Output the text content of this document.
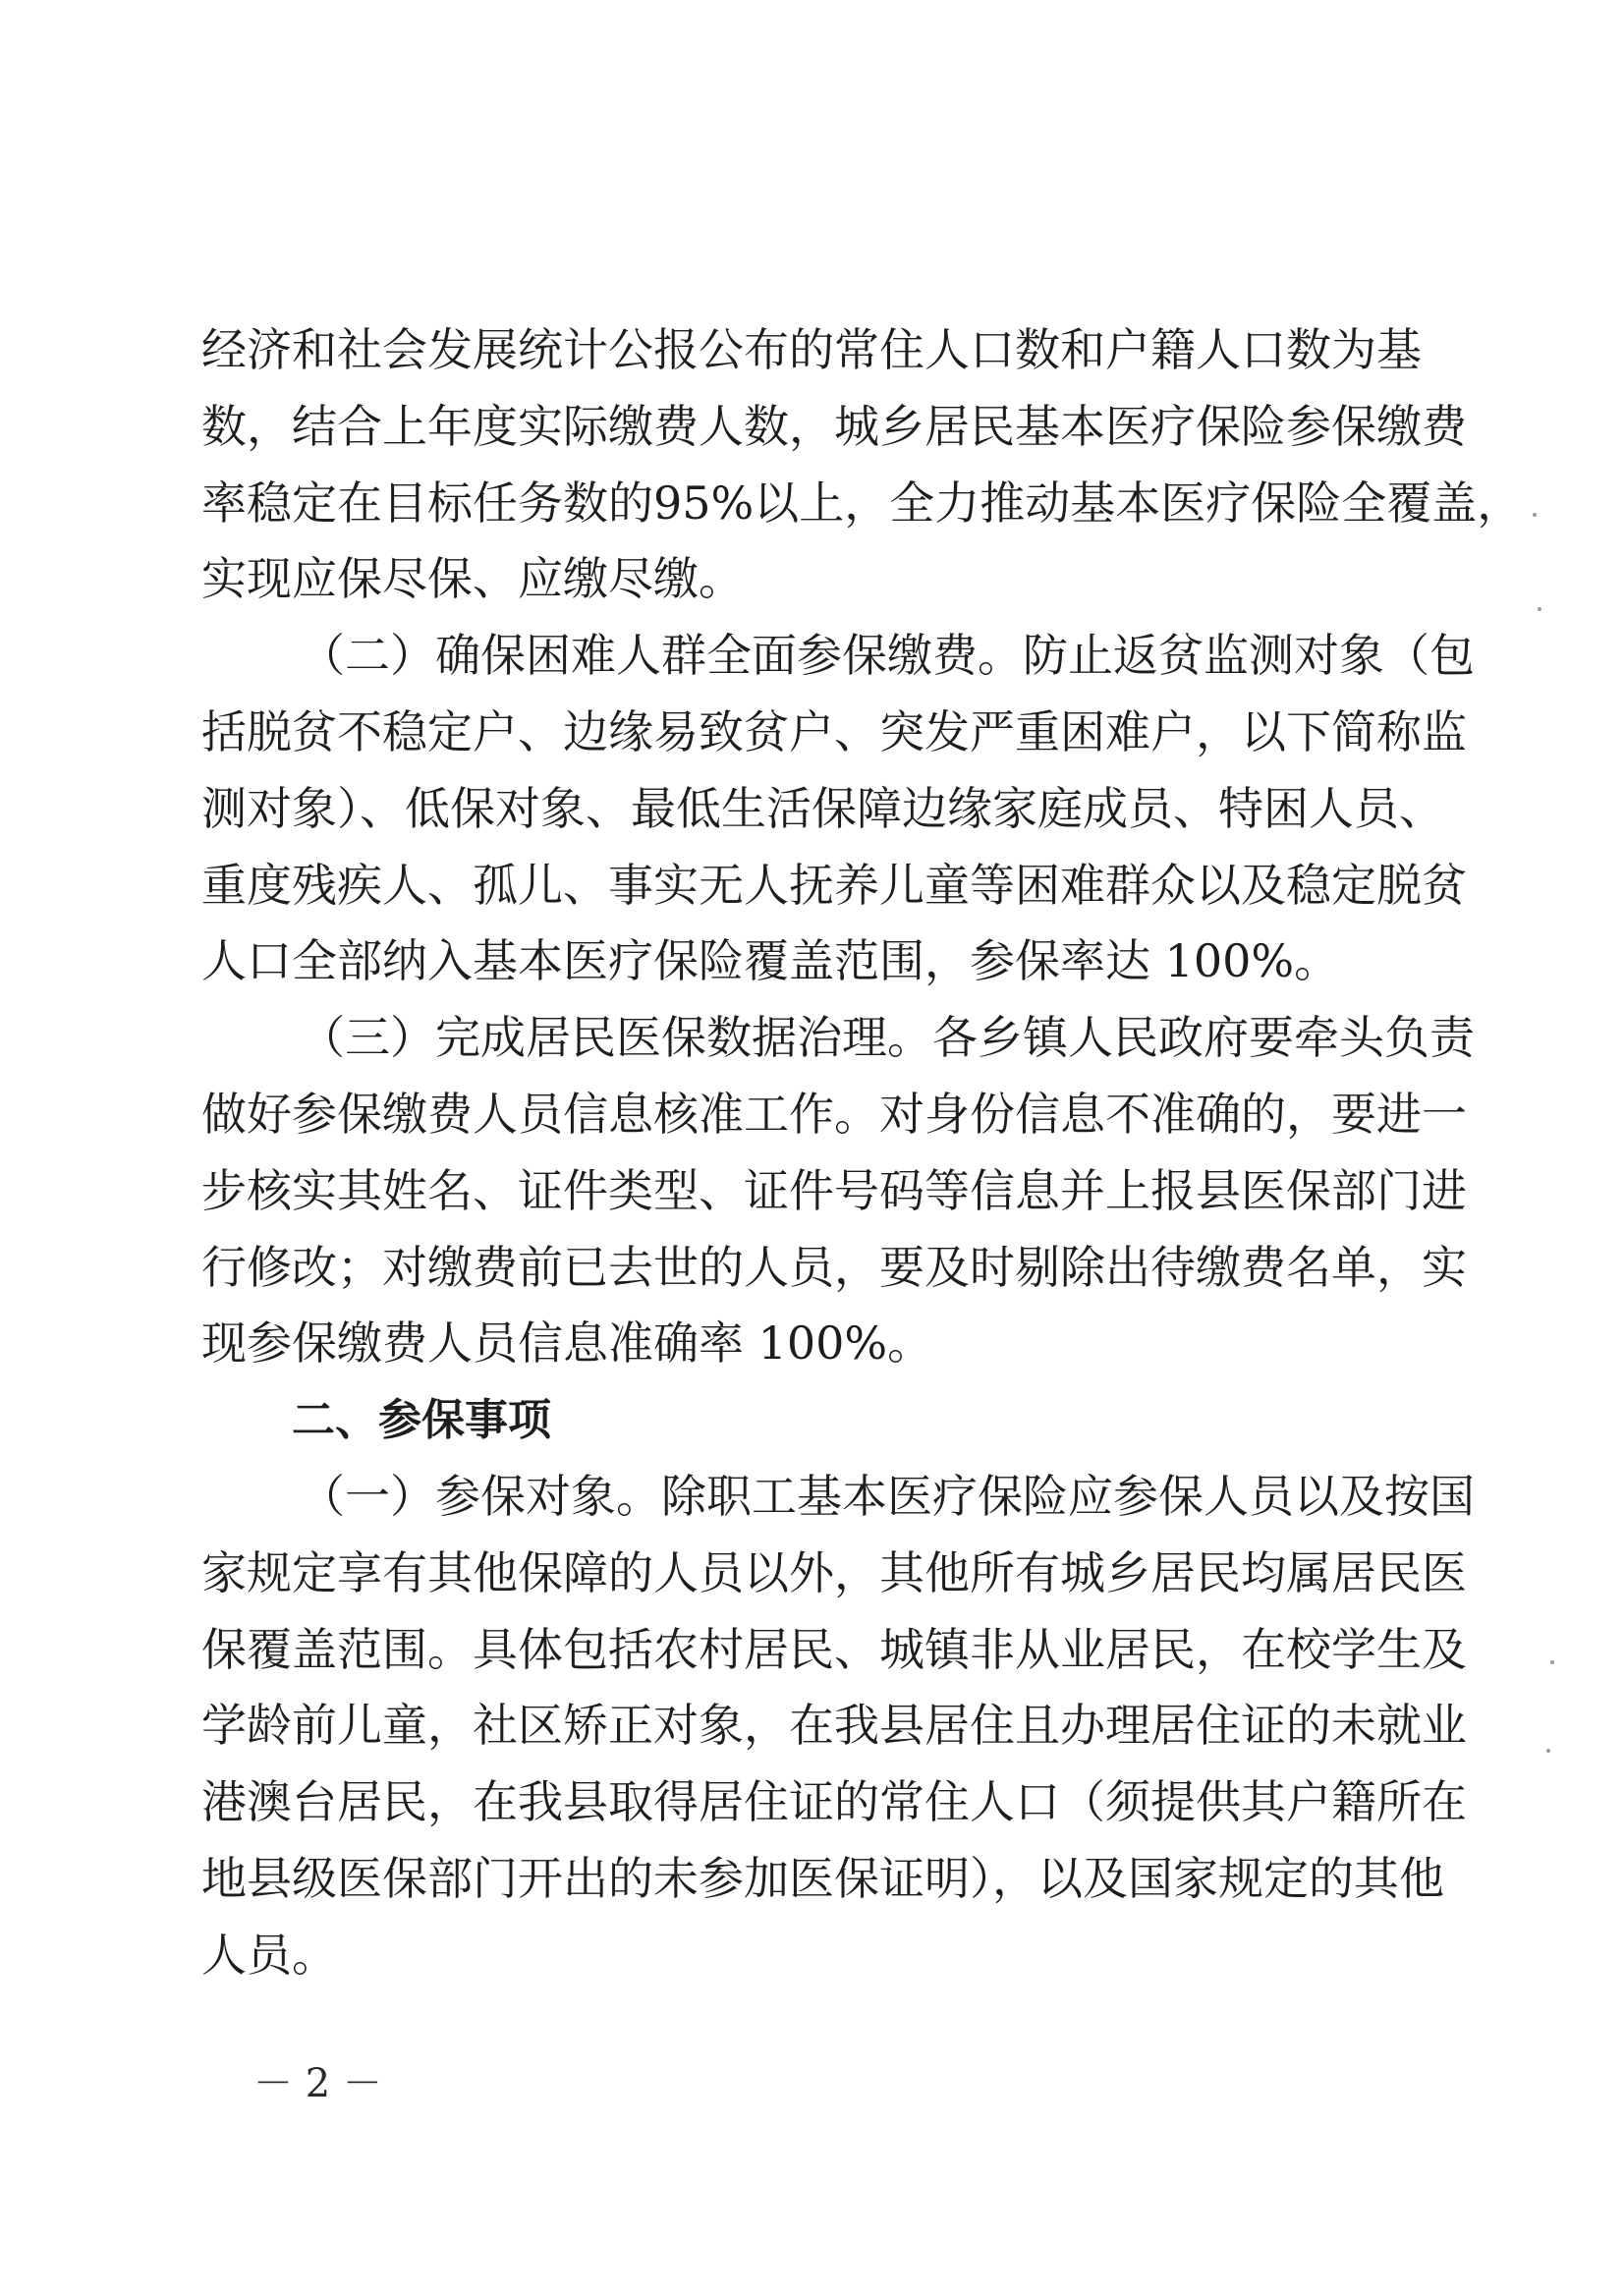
经济和社会发展统计公报公布的常住人口数和户籍人口数为基
数，结合上年度实际缴费人数，城乡居民基本医疗保险参保缴费
率稳定在目标任务数的95%以上，全力推动基本医疗保险全覆盖，
实现应保尽保、应缴尽缴。
（二）确保困难人群全面参保缴费。防止返贫监测对象（包
括脱贫不稳定户、边缘易致贫户、突发严重困难户，以下简称监
测对象）、低保对象、最低生活保障边缘家庭成员、特困人员、
重度残疾人、孤儿、事实无人抚养儿童等困难群众以及稳定脱贫
人口全部纳入基本医疗保险覆盖范围，参保率达 100%。
（三）完成居民医保数据治理。各乡镇人民政府要牵头负责
做好参保缴费人员信息核准工作。对身份信息不准确的，要进一
步核实其姓名、证件类型、证件号码等信息并上报县医保部门进
行修改；对缴费前已去世的人员，要及时剔除出待缴费名单，实
现参保缴费人员信息准确率 100%。
二、参保事项
（一）参保对象。除职工基本医疗保险应参保人员以及按国
家规定享有其他保障的人员以外，其他所有城乡居民均属居民医
保覆盖范围。具体包括农村居民、城镇非从业居民，在校学生及
学龄前儿童，社区矫正对象，在我县居住且办理居住证的未就业
港澳台居民，在我县取得居住证的常住人口（须提供其户籍所在
地县级医保部门开出的未参加医保证明），以及国家规定的其他
人员。
－ 2 －
